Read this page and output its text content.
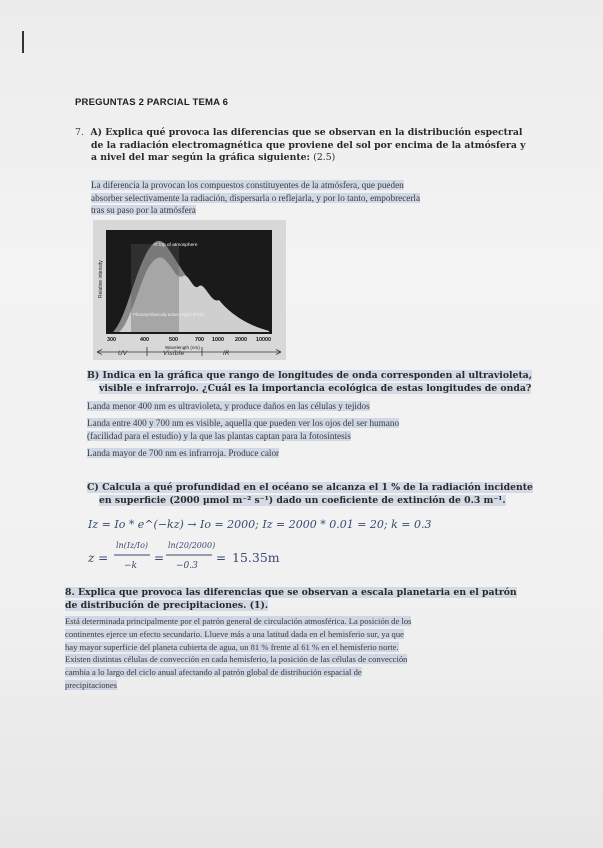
PREGUNTAS 2 PARCIAL TEMA 6
7. A) Explica qué provoca las diferencias que se observan en la distribución espectral
de la radiación electromagnética que proviene del sol por encima de la atmósfera y
a nivel del mar según la gráfica siguiente: (2.5)
La diferencia la provocan los compuestos constituyentes de la atmósfera, que pueden
absorber selectivamente la radiación, dispersarla o reflejarla, y por lo tanto, empobrecerla
tras su paso por la atmósfera
At top of atmosphere
At sea level
Photosynthetically active region (PAR)
Relative intensity
300	400	500	700 1000 2000 10000
Wavelength (nm)
UV	Visible	IR
B) Indica en la gráfica que rango de longitudes de onda corresponden al ultravioleta,
visible e infrarrojo. ¿Cuál es la importancia ecológica de estas longitudes de onda?
Landa menor 400 nm es ultravioleta, y produce daños en las células y tejidos
Landa entre 400 y 700 nm es visible, aquella que pueden ver los ojos del ser humano
(facilidad para el estudio) y la que las plantas captan para la fotosíntesis
Landa mayor de 700 nm es infrarroja. Produce calor
C) Calcula a qué profundidad en el océano se alcanza el 1 % de la radiación incidente
en superficie (2000 μmol m⁻² s⁻¹) dado un coeficiente de extinción de 0.3 m⁻¹.
Iz = Io * e^(−kz) → Io = 2000; Iz = 2000 * 0.01 = 20; k = 0.3
z =
ln(Iz/Io)
−k
=
ln(20/2000)
−0.3
= 15.35m
8. Explica que provoca las diferencias que se observan a escala planetaria en el patrón
de distribución de precipitaciones. (1).
Está determinada principalmente por el patrón general de circulación atmosférica. La posición de los
continentes ejerce un efecto secundario. Llueve más a una latitud dada en el hemisferio sur, ya que
hay mayor superficie del planeta cubierta de agua, un 81 % frente al 61 % en el hemisferio norte.
Existen distintas células de convección en cada hemisferio, la posición de las células de convección
cambia a lo largo del ciclo anual afectando al patrón global de distribución espacial de
precipitaciones
